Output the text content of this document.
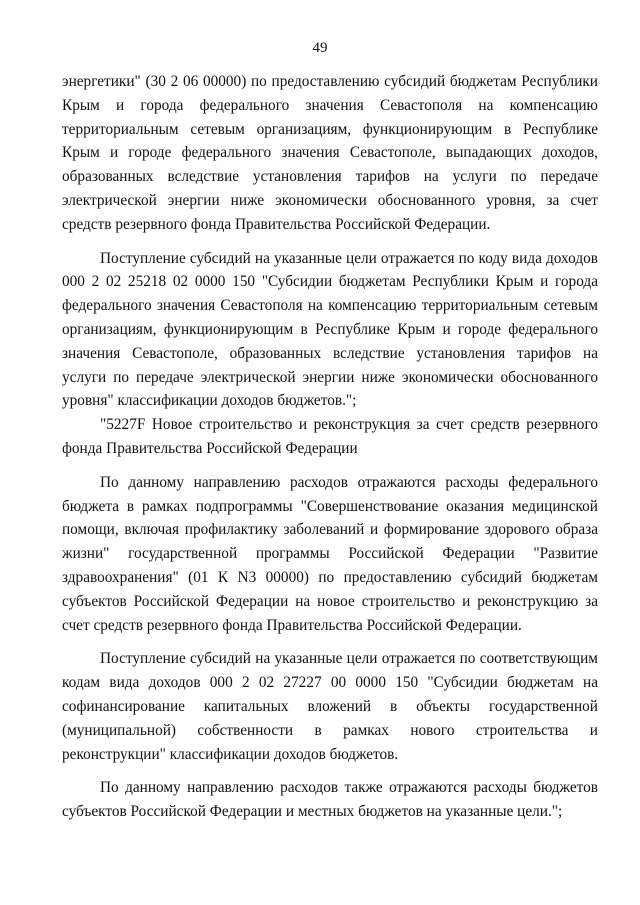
49

энергетики" (30 2 06 00000) по предоставлению субсидий бюджетам Республики Крым и города федерального значения Севастополя на компенсацию территориальным сетевым организациям, функционирующим в Республике Крым и городе федерального значения Севастополе, выпадающих доходов, образованных вследствие установления тарифов на услуги по передаче электрической энергии ниже экономически обоснованного уровня, за счет средств резервного фонда Правительства Российской Федерации.

Поступление субсидий на указанные цели отражается по коду вида доходов 000 2 02 25218 02 0000 150 "Субсидии бюджетам Республики Крым и города федерального значения Севастополя на компенсацию территориальным сетевым организациям, функционирующим в Республике Крым и городе федерального значения Севастополе, образованных вследствие установления тарифов на услуги по передаче электрической энергии ниже экономически обоснованного уровня" классификации доходов бюджетов.";

"5227F Новое строительство и реконструкция за счет средств резервного фонда Правительства Российской Федерации

По данному направлению расходов отражаются расходы федерального бюджета в рамках подпрограммы "Совершенствование оказания медицинской помощи, включая профилактику заболеваний и формирование здорового образа жизни" государственной программы Российской Федерации "Развитие здравоохранения" (01 К N3 00000) по предоставлению субсидий бюджетам субъектов Российской Федерации на новое строительство и реконструкцию за счет средств резервного фонда Правительства Российской Федерации.

Поступление субсидий на указанные цели отражается по соответствующим кодам вида доходов 000 2 02 27227 00 0000 150 "Субсидии бюджетам на софинансирование капитальных вложений в объекты государственной (муниципальной) собственности в рамках нового строительства и реконструкции" классификации доходов бюджетов.

По данному направлению расходов также отражаются расходы бюджетов субъектов Российской Федерации и местных бюджетов на указанные цели.";
